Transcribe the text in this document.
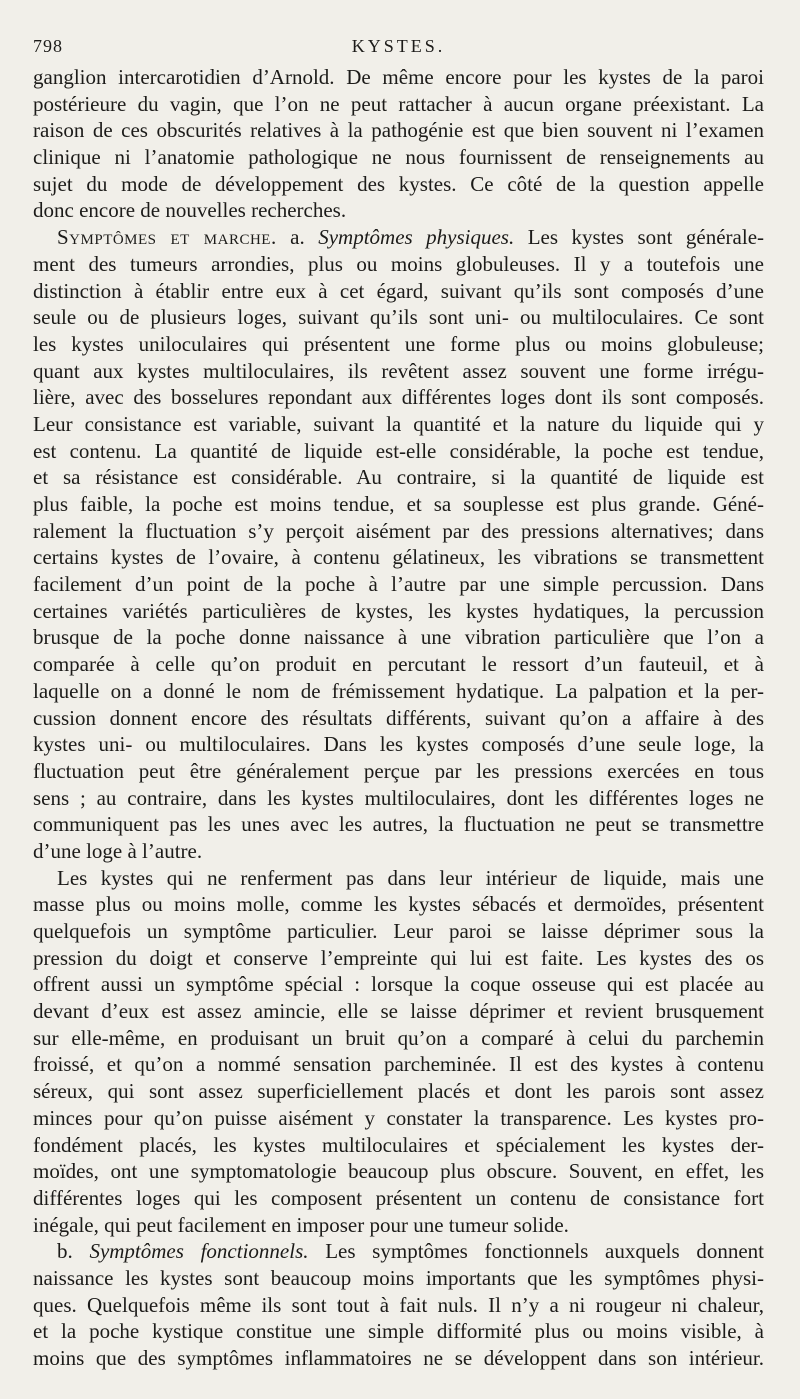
798	KYSTES.
ganglion intercarotidien d’Arnold. De même encore pour les kystes de la paroi
postérieure du vagin, que l’on ne peut rattacher à aucun organe préexistant. La
raison de ces obscurités relatives à la pathogénie est que bien souvent ni l’examen
clinique ni l’anatomie pathologique ne nous fournissent de renseignements au
sujet du mode de développement des kystes. Ce côté de la question appelle
donc encore de nouvelles recherches.
Symptômes et marche. a. Symptômes physiques. Les kystes sont générale-
ment des tumeurs arrondies, plus ou moins globuleuses. Il y a toutefois une
distinction à établir entre eux à cet égard, suivant qu’ils sont composés d’une
seule ou de plusieurs loges, suivant qu’ils sont uni- ou multiloculaires. Ce sont
les kystes uniloculaires qui présentent une forme plus ou moins globuleuse;
quant aux kystes multiloculaires, ils revêtent assez souvent une forme irrégu-
lière, avec des bosselures repondant aux différentes loges dont ils sont composés.
Leur consistance est variable, suivant la quantité et la nature du liquide qui y
est contenu. La quantité de liquide est-elle considérable, la poche est tendue,
et sa résistance est considérable. Au contraire, si la quantité de liquide est
plus faible, la poche est moins tendue, et sa souplesse est plus grande. Géné-
ralement la fluctuation s’y perçoit aisément par des pressions alternatives; dans
certains kystes de l’ovaire, à contenu gélatineux, les vibrations se transmettent
facilement d’un point de la poche à l’autre par une simple percussion. Dans
certaines variétés particulières de kystes, les kystes hydatiques, la percussion
brusque de la poche donne naissance à une vibration particulière que l’on a
comparée à celle qu’on produit en percutant le ressort d’un fauteuil, et à
laquelle on a donné le nom de frémissement hydatique. La palpation et la per-
cussion donnent encore des résultats différents, suivant qu’on a affaire à des
kystes uni- ou multiloculaires. Dans les kystes composés d’une seule loge, la
fluctuation peut être généralement perçue par les pressions exercées en tous
sens ; au contraire, dans les kystes multiloculaires, dont les différentes loges ne
communiquent pas les unes avec les autres, la fluctuation ne peut se transmettre
d’une loge à l’autre.
Les kystes qui ne renferment pas dans leur intérieur de liquide, mais une
masse plus ou moins molle, comme les kystes sébacés et dermoïdes, présentent
quelquefois un symptôme particulier. Leur paroi se laisse déprimer sous la
pression du doigt et conserve l’empreinte qui lui est faite. Les kystes des os
offrent aussi un symptôme spécial : lorsque la coque osseuse qui est placée au
devant d’eux est assez amincie, elle se laisse déprimer et revient brusquement
sur elle-même, en produisant un bruit qu’on a comparé à celui du parchemin
froissé, et qu’on a nommé sensation parcheminée. Il est des kystes à contenu
séreux, qui sont assez superficiellement placés et dont les parois sont assez
minces pour qu’on puisse aisément y constater la transparence. Les kystes pro-
fondément placés, les kystes multiloculaires et spécialement les kystes der-
moïdes, ont une symptomatologie beaucoup plus obscure. Souvent, en effet, les
différentes loges qui les composent présentent un contenu de consistance fort
inégale, qui peut facilement en imposer pour une tumeur solide.
b. Symptômes fonctionnels. Les symptômes fonctionnels auxquels donnent
naissance les kystes sont beaucoup moins importants que les symptômes physi-
ques. Quelquefois même ils sont tout à fait nuls. Il n’y a ni rougeur ni chaleur,
et la poche kystique constitue une simple difformité plus ou moins visible, à
moins que des symptômes inflammatoires ne se développent dans son intérieur.
